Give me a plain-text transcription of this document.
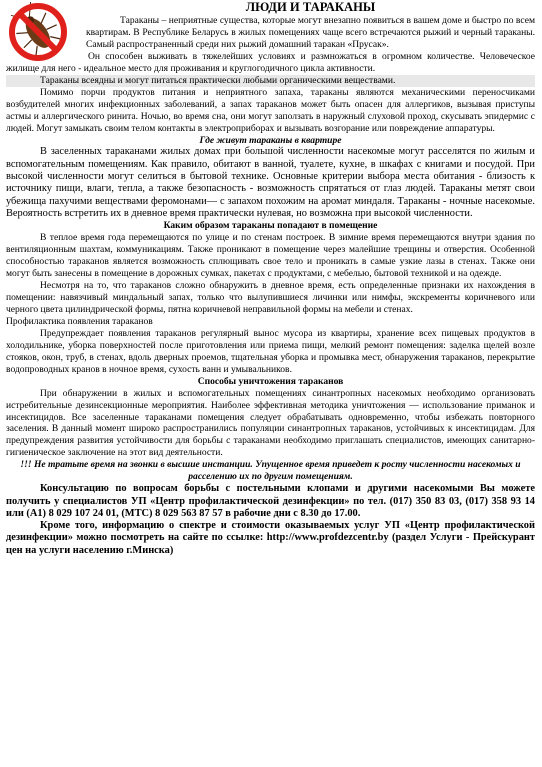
ЛЮДИ И ТАРАКАНЫ

Тараканы – неприятные существа, которые могут внезапно появиться в вашем доме и быстро по всем квартирам. В Республике Беларусь в жилых помещениях чаще всего встречаются рыжий и черный тараканы. Самый распространенный среди них рыжий домашний таракан «Прусак».

Он способен выживать в тяжелейших условиях и размножаться в огромном количестве. Человеческое жилище для него - идеальное место для проживания и круглогодичного цикла активности.

Тараканы всеядны и могут питаться практически любыми органическими веществами.

Помимо порчи продуктов питания и неприятного запаха, тараканы являются механическими переносчиками возбудителей многих инфекционных заболеваний, а запах тараканов может быть опасен для аллергиков, вызывая приступы астмы и аллергического ринита. Ночью, во время сна, они могут заползать в наружный слуховой проход, скусывать эпидермис с людей. Могут замыкать своим телом контакты в электроприборах и вызывать возгорание или повреждение аппаратуры.

Где живут тараканы в квартире

В заселенных тараканами жилых домах при большой численности насекомые могут расселятся по жилым и вспомогательным помещениям. Как правило, обитают в ванной, туалете, кухне, в шкафах с книгами и посудой. При высокой численности могут селиться в бытовой технике. Основные критерии выбора места обитания - близость к источнику пищи, влаги, тепла, а также безопасность - возможность спрятаться от глаз людей. Тараканы метят свои убежища пахучими веществами феромонами— с запахом похожим на аромат миндаля. Тараканы - ночные насекомые. Вероятность встретить их в дневное время практически нулевая, но возможна при высокой численности.

Каким образом тараканы попадают в помещение

В теплое время года перемещаются по улице и по стенам построек. В зимние время перемещаются внутри здания по вентиляционным шахтам, коммуникациям. Также проникают в помещение через малейшие трещины и отверстия. Особенной способностью тараканов является возможность сплющивать свое тело и проникать в самые узкие лазы в стенах. Также они могут быть занесены в помещение в дорожных сумках, пакетах с продуктами, с мебелью, бытовой техникой и на одежде.

Несмотря на то, что тараканов сложно обнаружить в дневное время, есть определенные признаки их нахождения в помещении: навязчивый миндальный запах, только что вылупившиеся личинки или нимфы, экскременты коричневого или черного цвета цилиндрической формы, пятна коричневой неправильной формы на мебели и стенах.

Профилактика появления тараканов

Предупреждает появления тараканов регулярный вынос мусора из квартиры, хранение всех пищевых продуктов в холодильнике, уборка поверхностей после приготовления или приема пищи, мелкий ремонт помещения: заделка щелей возле стояков, окон, труб, в стенах, вдоль дверных проемов, тщательная уборка и промывка мест, обнаружения тараканов, перекрытие водопроводных кранов в ночное время, сухость ванн и умывальников.

Способы уничтожения тараканов

При обнаружении в жилых и вспомогательных помещениях синантропных насекомых необходимо организовать истребительные дезинсекционные мероприятия. Наиболее эффективная методика уничтожения — использование приманок и инсектицидов. Все заселенные тараканами помещения следует обрабатывать одновременно, чтобы избежать повторного заселения. В данный момент широко распространились популяции синантропных тараканов, устойчивых к инсектицидам. Для предупреждения развития устойчивости для борьбы с тараканами необходимо приглашать специалистов, имеющих санитарно-гигиеническое заключение на этот вид деятельности.

!!! Не тратьте время на звонки в высшие инстанции. Упущенное время приведет к росту численности насекомых и расселению их по другим помещениям.

Консультацию по вопросам борьбы с постельными клопами и другими насекомыми Вы можете получить у специалистов УП «Центр профилактической дезинфекции» по тел. (017) 350 83 03, (017) 358 93 14 или (А1) 8 029 107 24 01, (МТС) 8 029 563 87 57 в рабочие дни с 8.30 до 17.00.

Кроме того, информацию о спектре и стоимости оказываемых услуг УП «Центр профилактической дезинфекции» можно посмотреть на сайте по ссылке: http://www.profdezcentr.by (раздел Услуги - Прейскурант цен на услуги населению г.Минска)
